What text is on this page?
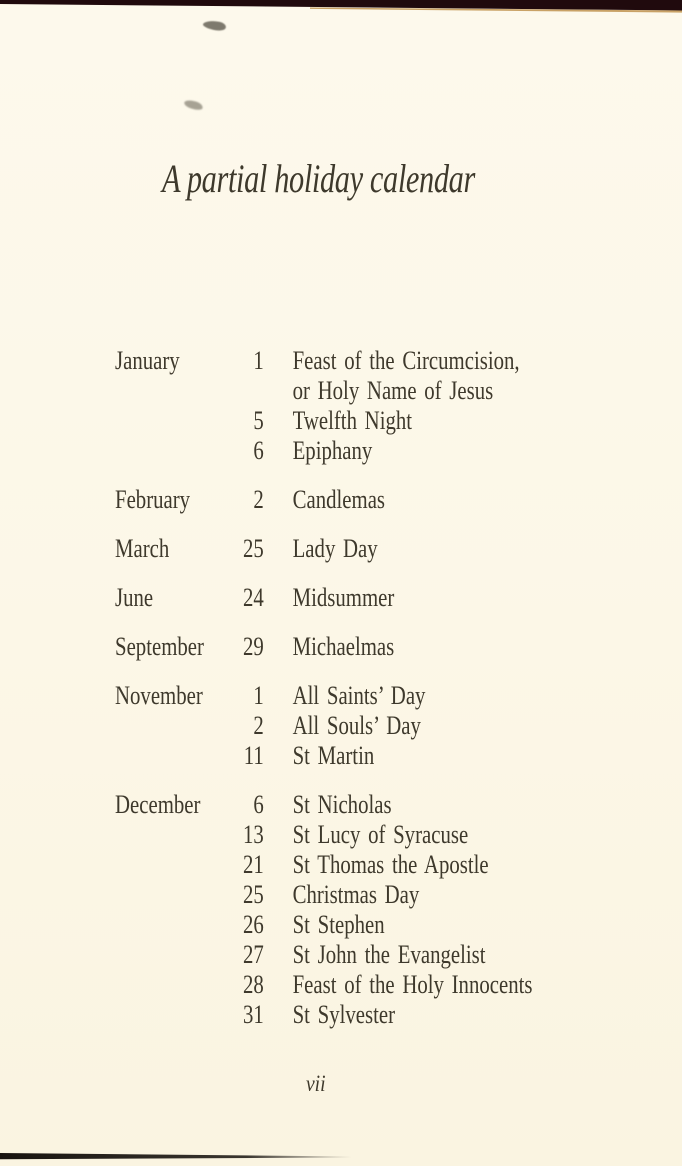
A partial holiday calendar
January	1 Feast of the Circumcision,
or Holy Name of Jesus
5 Twelfth Night
6 Epiphany
February	2 Candlemas
March	25 Lady Day
June	24 Midsummer
September	29 Michaelmas
November	1 All Saints’ Day
2 All Souls’ Day
11 St Martin
December	6 St Nicholas
13 St Lucy of Syracuse
21 St Thomas the Apostle
25 Christmas Day
26 St Stephen
27 St John the Evangelist
28 Feast of the Holy Innocents
31 St Sylvester
vii
